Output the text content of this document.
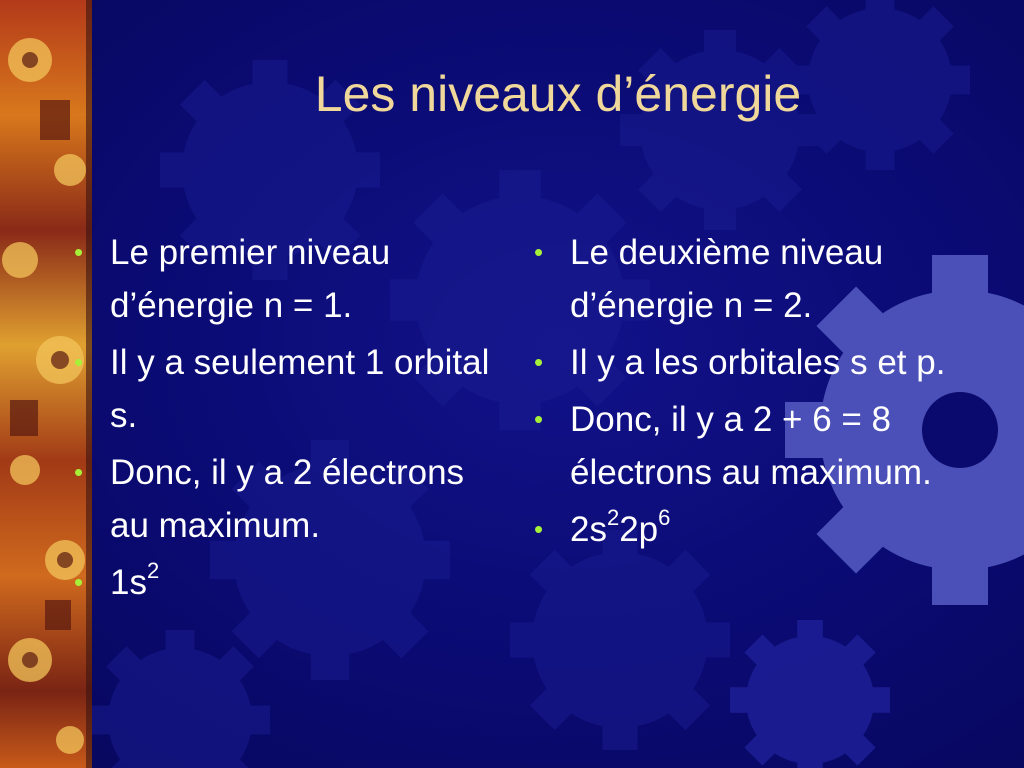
Les niveaux d’énergie
• Le premier niveau d’énergie n = 1.
• Il y a seulement 1 orbital s.
• Donc, il y a 2 électrons au maximum.
• $1s^2$
• Le deuxième niveau d’énergie n = 2.
• Il y a les orbitales s et p.
• Donc, il y a 2 + 6 = 8 électrons au maximum.
• $2s^22p^6$
